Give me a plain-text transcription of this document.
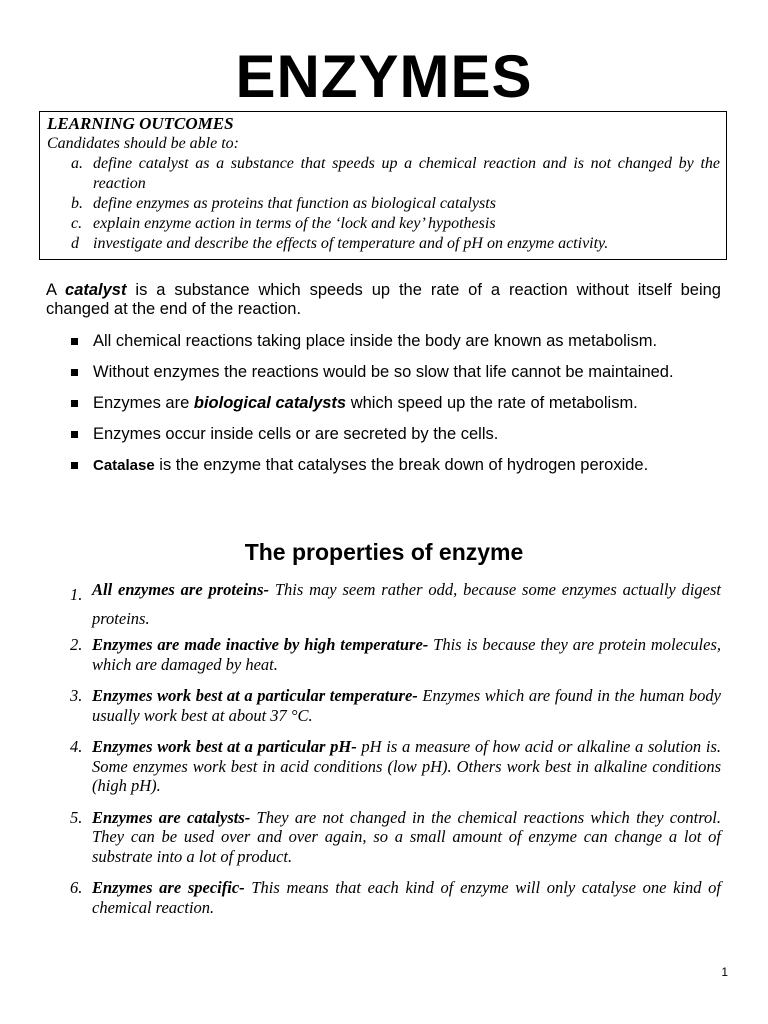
ENZYMES
LEARNING OUTCOMES
Candidates should be able to:
a. define catalyst as a substance that speeds up a chemical reaction and is not changed by the reaction
b. define enzymes as proteins that function as biological catalysts
c. explain enzyme action in terms of the ‘lock and key’ hypothesis
d investigate and describe the effects of temperature and of pH on enzyme activity.

A catalyst is a substance which speeds up the rate of a reaction without itself being changed at the end of the reaction.

All chemical reactions taking place inside the body are known as metabolism.
Without enzymes the reactions would be so slow that life cannot be maintained.
Enzymes are biological catalysts which speed up the rate of metabolism.
Enzymes occur inside cells or are secreted by the cells.
Catalase is the enzyme that catalyses the break down of hydrogen peroxide.
The properties of enzyme
1. All enzymes are proteins- This may seem rather odd, because some enzymes actually digest proteins.
2. Enzymes are made inactive by high temperature- This is because they are protein molecules, which are damaged by heat.
3. Enzymes work best at a particular temperature- Enzymes which are found in the human body usually work best at about 37 °C.
4. Enzymes work best at a particular pH- pH is a measure of how acid or alkaline a solution is. Some enzymes work best in acid conditions (low pH). Others work best in alkaline conditions (high pH).
5. Enzymes are catalysts- They are not changed in the chemical reactions which they control. They can be used over and over again, so a small amount of enzyme can change a lot of substrate into a lot of product.
6. Enzymes are specific- This means that each kind of enzyme will only catalyse one kind of chemical reaction.
1
